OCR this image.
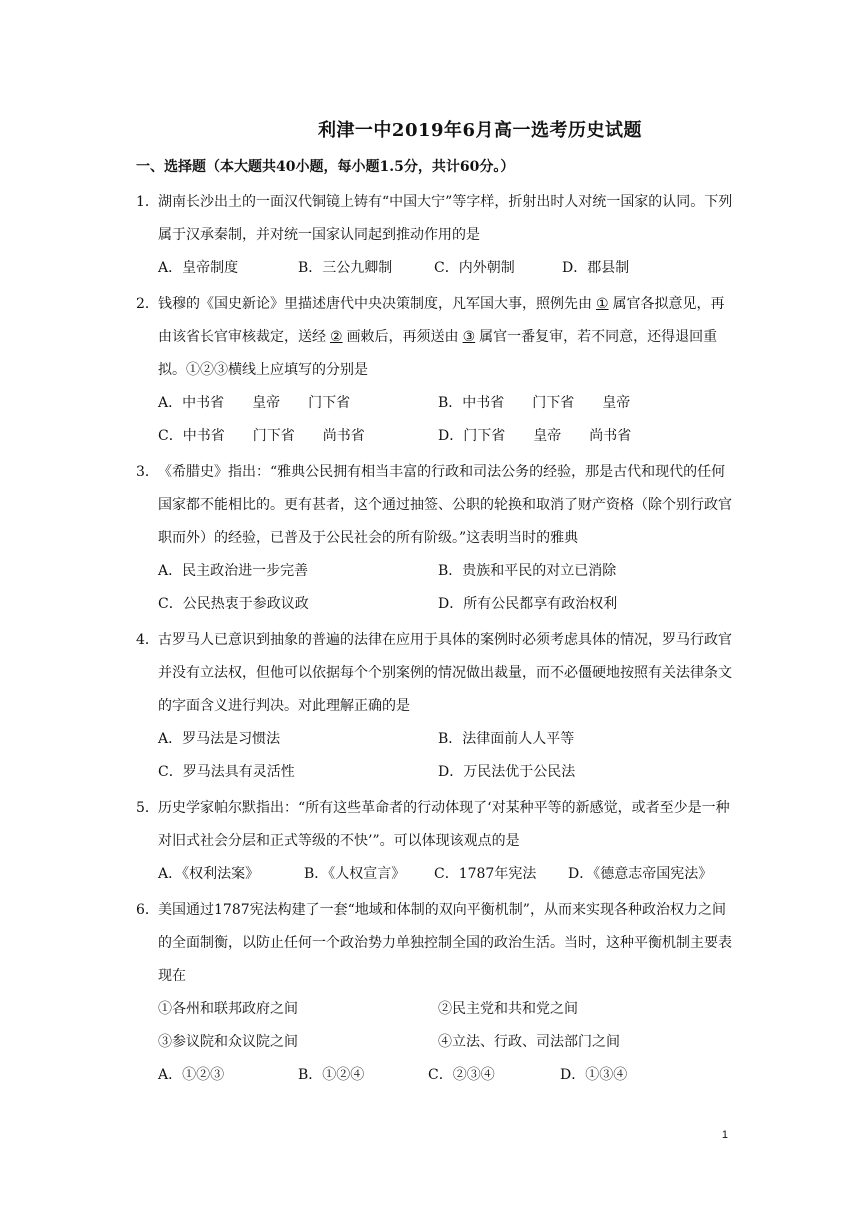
利津一中2019年6月高一选考历史试题
一、选择题（本大题共40小题，每小题1.5分，共计60分。）
1．湖南长沙出土的一面汉代铜镜上铸有“中国大宁”等字样，折射出时人对统一国家的认同。下列属于汉承秦制，并对统一国家认同起到推动作用的是
A．皇帝制度	B．三公九卿制	C．内外朝制	D．郡县制
2．钱穆的《国史新论》里描述唐代中央决策制度，凡军国大事，照例先由 ① 属官各拟意见，再由该省长官审核裁定，送经 ② 画敕后，再须送由 ③ 属官一番复审，若不同意，还得退回重拟。①②③横线上应填写的分别是
A．中书省　　皇帝　　门下省	B．中书省　　门下省　　皇帝
C．中书省　　门下省　　尚书省	D．门下省　　皇帝　　尚书省
3．《希腊史》指出：“雅典公民拥有相当丰富的行政和司法公务的经验，那是古代和现代的任何国家都不能相比的。更有甚者，这个通过抽签、公职的轮换和取消了财产资格（除个别行政官职而外）的经验，已普及于公民社会的所有阶级。”这表明当时的雅典
A．民主政治进一步完善	B．贵族和平民的对立已消除
C．公民热衷于参政议政	D．所有公民都享有政治权利
4．古罗马人已意识到抽象的普遍的法律在应用于具体的案例时必须考虑具体的情况，罗马行政官并没有立法权，但他可以依据每个个别案例的情况做出裁量，而不必僵硬地按照有关法律条文的字面含义进行判决。对此理解正确的是
A．罗马法是习惯法	B．法律面前人人平等
C．罗马法具有灵活性	D．万民法优于公民法
5．历史学家帕尔默指出：“所有这些革命者的行动体现了‘对某种平等的新感觉，或者至少是一种对旧式社会分层和正式等级的不快’”。可以体现该观点的是
A．《权利法案》	B．《人权宣言》	C．1787年宪法	D．《德意志帝国宪法》
6．美国通过1787宪法构建了一套“地域和体制的双向平衡机制”，从而来实现各种政治权力之间的全面制衡，以防止任何一个政治势力单独控制全国的政治生活。当时，这种平衡机制主要表现在
①各州和联邦政府之间	②民主党和共和党之间
③参议院和众议院之间	④立法、行政、司法部门之间
A．①②③	B．①②④	C．②③④	D．①③④
1
